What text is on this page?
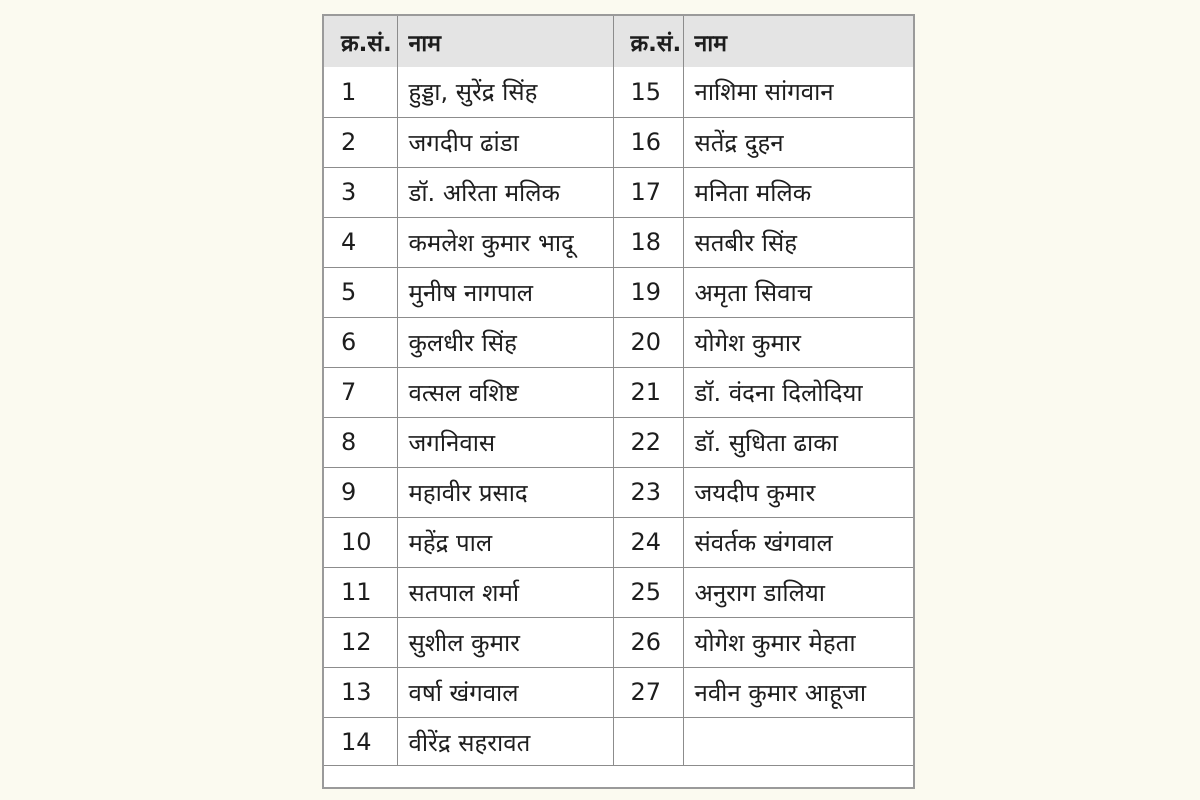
क्र.सं.	नाम	क्र.सं.	नाम
1	हुड्डा, सुरेंद्र सिंह	15	नाशिमा सांगवान
2	जगदीप ढांडा	16	सतेंद्र दुहन
3	डॉ. अरिता मलिक	17	मनिता मलिक
4	कमलेश कुमार भादू	18	सतबीर सिंह
5	मुनीष नागपाल	19	अमृता सिवाच
6	कुलधीर सिंह	20	योगेश कुमार
7	वत्सल वशिष्ट	21	डॉ. वंदना दिलोदिया
8	जगनिवास	22	डॉ. सुधिता ढाका
9	महावीर प्रसाद	23	जयदीप कुमार
10	महेंद्र पाल	24	संवर्तक खंगवाल
11	सतपाल शर्मा	25	अनुराग डालिया
12	सुशील कुमार	26	योगेश कुमार मेहता
13	वर्षा खंगवाल	27	नवीन कुमार आहूजा
14	वीरेंद्र सहरावत		
